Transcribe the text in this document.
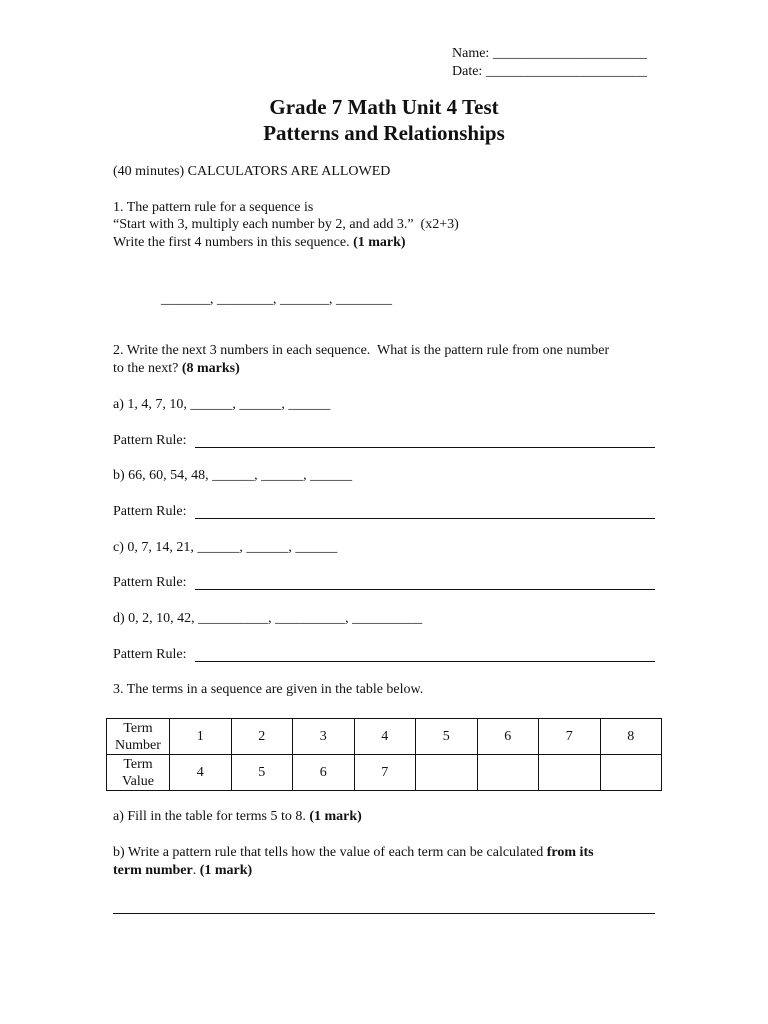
Name: ______________________
Date: _______________________
Grade 7 Math Unit 4 Test
Patterns and Relationships
(40 minutes) CALCULATORS ARE ALLOWED
1. The pattern rule for a sequence is
“Start with 3, multiply each number by 2, and add 3.”  (x2+3)
Write the first 4 numbers in this sequence. (1 mark)
_______, ________, _______, ________
2. Write the next 3 numbers in each sequence.  What is the pattern rule from one number
to the next? (8 marks)
a) 1, 4, 7, 10, ______, ______, ______
Pattern Rule:
b) 66, 60, 54, 48, ______, ______, ______
Pattern Rule:
c) 0, 7, 14, 21, ______, ______, ______
Pattern Rule:
d) 0, 2, 10, 42, __________, __________, __________
Pattern Rule:
3. The terms in a sequence are given in the table below.
Term Number	1	2	3	4	5	6	7	8
Term Value	4	5	6	7				
a) Fill in the table for terms 5 to 8. (1 mark)
b) Write a pattern rule that tells how the value of each term can be calculated from its
term number. (1 mark)
